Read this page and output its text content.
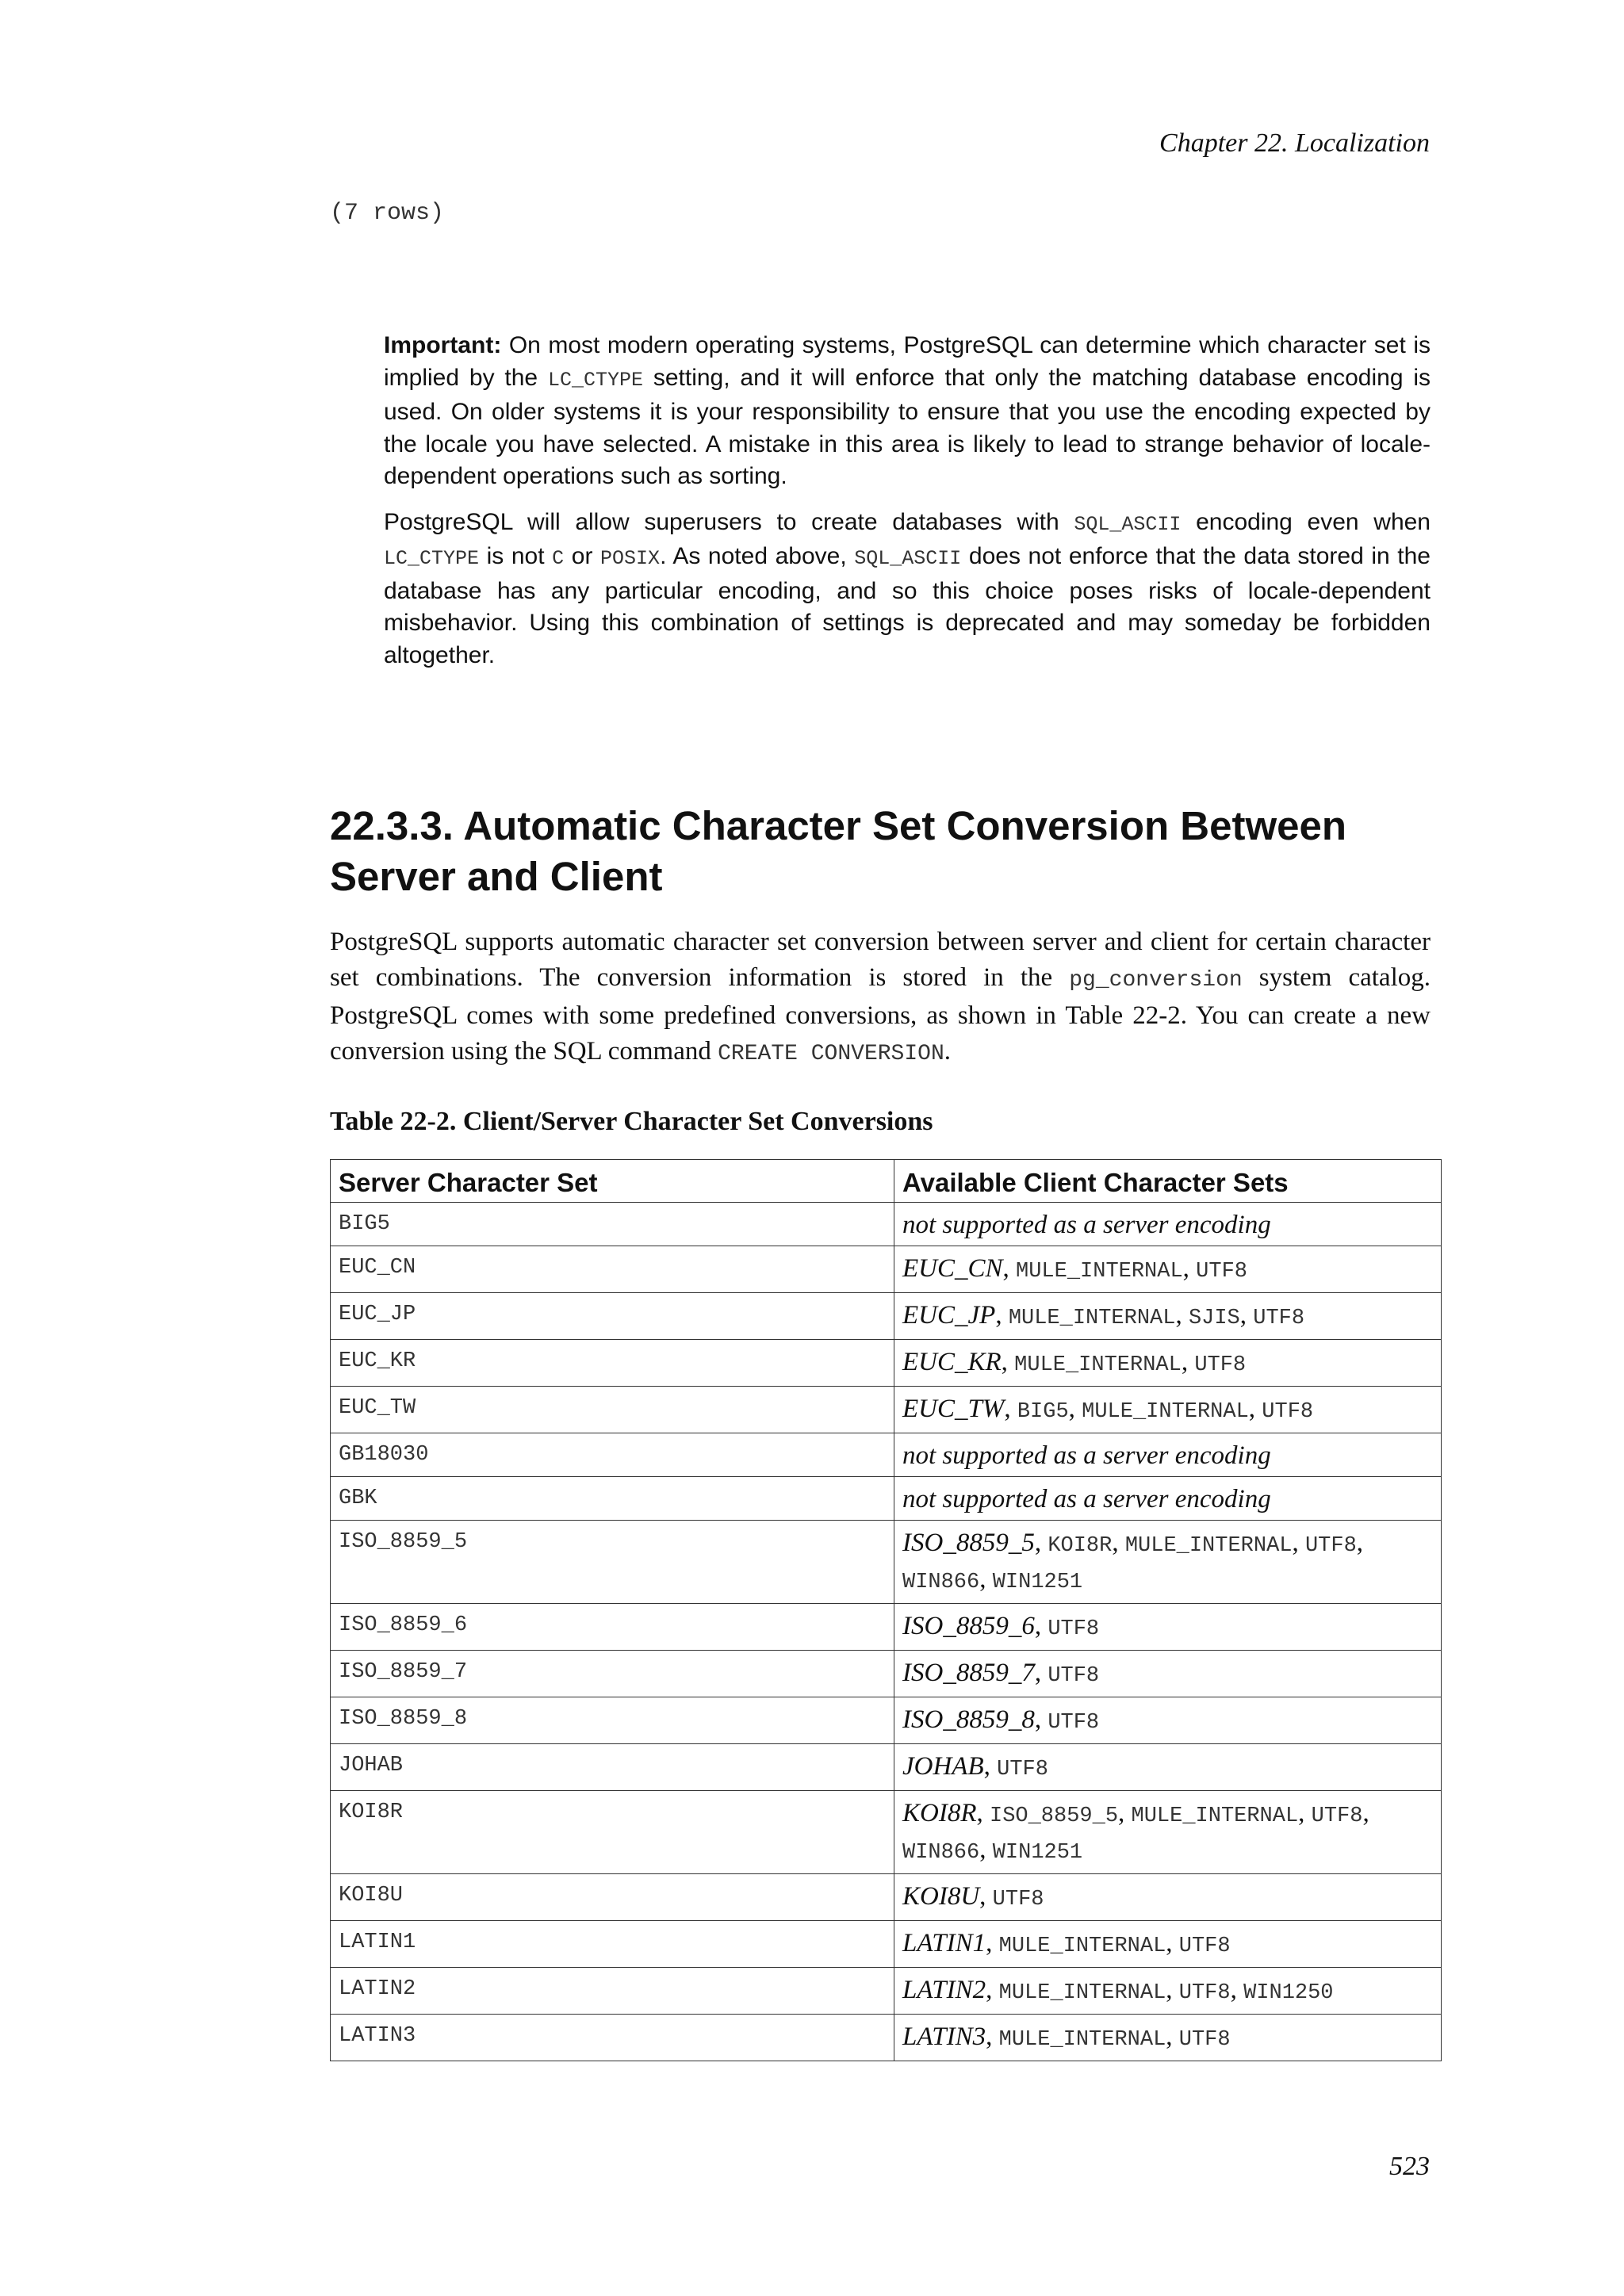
Chapter 22. Localization
(7 rows)

Important: On most modern operating systems, PostgreSQL can determine which character set is implied by the LC_CTYPE setting, and it will enforce that only the matching database encoding is used. On older systems it is your responsibility to ensure that you use the encoding expected by the locale you have selected. A mistake in this area is likely to lead to strange behavior of locale-dependent operations such as sorting.

PostgreSQL will allow superusers to create databases with SQL_ASCII encoding even when LC_CTYPE is not C or POSIX. As noted above, SQL_ASCII does not enforce that the data stored in the database has any particular encoding, and so this choice poses risks of locale-dependent misbehavior. Using this combination of settings is deprecated and may someday be forbidden altogether.

22.3.3. Automatic Character Set Conversion Between Server and Client

PostgreSQL supports automatic character set conversion between server and client for certain character set combinations. The conversion information is stored in the pg_conversion system catalog. PostgreSQL comes with some predefined conversions, as shown in Table 22-2. You can create a new conversion using the SQL command CREATE CONVERSION.

Table 22-2. Client/Server Character Set Conversions
Server Character Set	Available Client Character Sets
BIG5	not supported as a server encoding
EUC_CN	EUC_CN, MULE_INTERNAL, UTF8
EUC_JP	EUC_JP, MULE_INTERNAL, SJIS, UTF8
EUC_KR	EUC_KR, MULE_INTERNAL, UTF8
EUC_TW	EUC_TW, BIG5, MULE_INTERNAL, UTF8
GB18030	not supported as a server encoding
GBK	not supported as a server encoding
ISO_8859_5	ISO_8859_5, KOI8R, MULE_INTERNAL, UTF8, WIN866, WIN1251
ISO_8859_6	ISO_8859_6, UTF8
ISO_8859_7	ISO_8859_7, UTF8
ISO_8859_8	ISO_8859_8, UTF8
JOHAB	JOHAB, UTF8
KOI8R	KOI8R, ISO_8859_5, MULE_INTERNAL, UTF8, WIN866, WIN1251
KOI8U	KOI8U, UTF8
LATIN1	LATIN1, MULE_INTERNAL, UTF8
LATIN2	LATIN2, MULE_INTERNAL, UTF8, WIN1250
LATIN3	LATIN3, MULE_INTERNAL, UTF8
523
